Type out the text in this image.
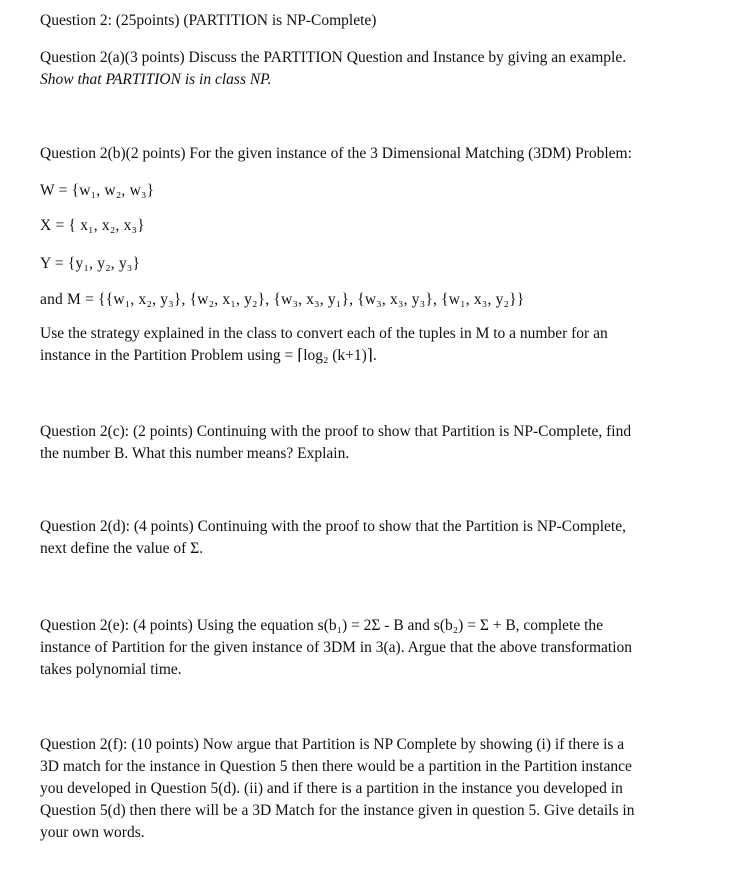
Question 2: (25points) (PARTITION is NP-Complete)
Question 2(a)(3 points) Discuss the PARTITION Question and Instance by giving an example.
Show that PARTITION is in class NP.
Question 2(b)(2 points) For the given instance of the 3 Dimensional Matching (3DM) Problem:
W = {w₁, w₂, w₃}
X = { x₁, x₂, x₃}
Y = {y₁, y₂, y₃}
and M = {{w₁, x₂, y₃}, {w₂, x₁, y₂}, {w₃, x₃, y₁}, {w₃, x₃, y₃}, {w₁, x₃, y₂}}
Use the strategy explained in the class to convert each of the tuples in M to a number for an
instance in the Partition Problem using = ⌈log₂ (k+1)⌉.
Question 2(c): (2 points) Continuing with the proof to show that Partition is NP-Complete, find
the number B. What this number means? Explain.
Question 2(d): (4 points) Continuing with the proof to show that the Partition is NP-Complete,
next define the value of Σ.
Question 2(e): (4 points) Using the equation s(b₁) = 2Σ - B and s(b₂) = Σ + B, complete the
instance of Partition for the given instance of 3DM in 3(a). Argue that the above transformation
takes polynomial time.
Question 2(f): (10 points) Now argue that Partition is NP Complete by showing (i) if there is a
3D match for the instance in Question 5 then there would be a partition in the Partition instance
you developed in Question 5(d). (ii) and if there is a partition in the instance you developed in
Question 5(d) then there will be a 3D Match for the instance given in question 5. Give details in
your own words.
